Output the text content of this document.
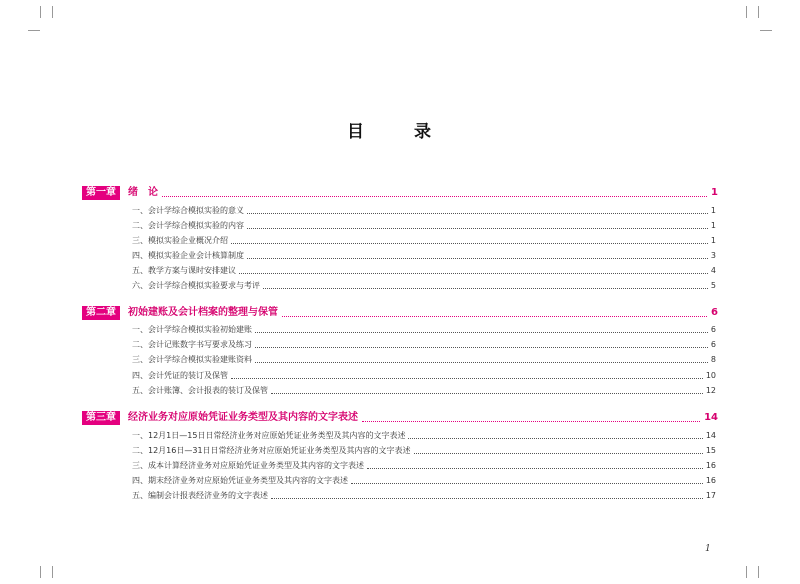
目 录
第一章	绪　论	1
一、会计学综合模拟实验的意义	1
二、会计学综合模拟实验的内容	1
三、模拟实验企业概况介绍	1
四、模拟实验企业会计核算制度	3
五、教学方案与课时安排建议	4
六、会计学综合模拟实验要求与考评	5
第二章	初始建账及会计档案的整理与保管	6
一、会计学综合模拟实验初始建账	6
二、会计记账数字书写要求及练习	6
三、会计学综合模拟实验建账资料	8
四、会计凭证的装订及保管	10
五、会计账簿、会计报表的装订及保管	12
第三章	经济业务对应原始凭证业务类型及其内容的文字表述	14
一、12月1日—15日日常经济业务对应原始凭证业务类型及其内容的文字表述	14
二、12月16日—31日日常经济业务对应原始凭证业务类型及其内容的文字表述	15
三、成本计算经济业务对应原始凭证业务类型及其内容的文字表述	16
四、期末经济业务对应原始凭证业务类型及其内容的文字表述	16
五、编制会计报表经济业务的文字表述	17
1
